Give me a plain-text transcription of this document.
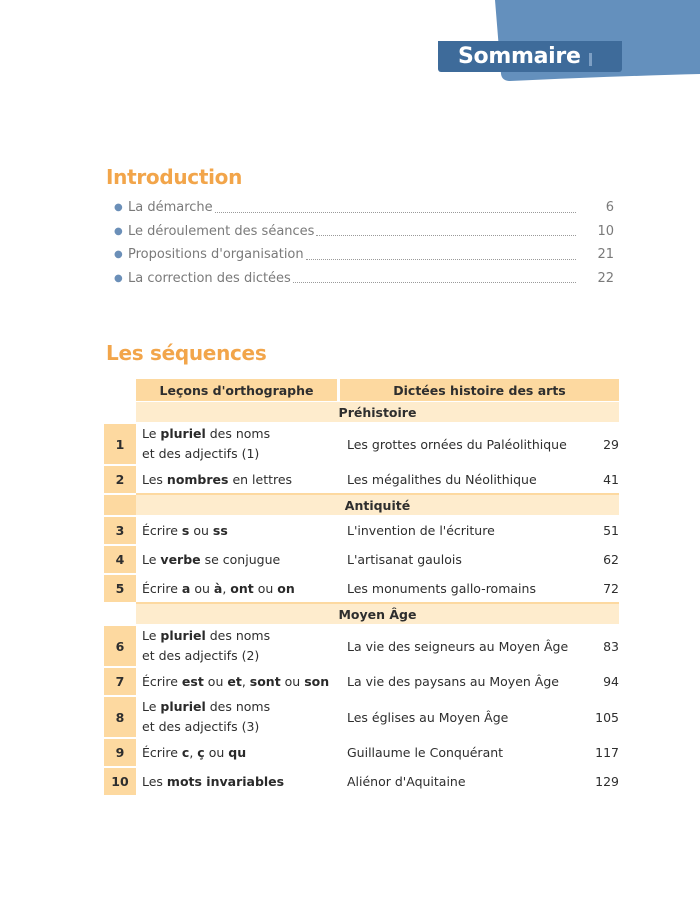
Sommaire
Introduction
● La démarche	6
● Le déroulement des séances	10
● Propositions d'organisation	21
● La correction des dictées	22
Les séquences
	Leçons d'orthographe	Dictées histoire des arts	
	Préhistoire		
1	Le pluriel des noms
et des adjectifs (1)	Les grottes ornées du Paléolithique	29
2	Les nombres en lettres	Les mégalithes du Néolithique	41
	Antiquité		
3	Écrire s ou ss	L'invention de l'écriture	51
4	Le verbe se conjugue	L'artisanat gaulois	62
5	Écrire a ou à, ont ou on	Les monuments gallo-romains	72
	Moyen Âge		
6	Le pluriel des noms
et des adjectifs (2)	La vie des seigneurs au Moyen Âge	83
7	Écrire est ou et, sont ou son	La vie des paysans au Moyen Âge	94
8	Le pluriel des noms
et des adjectifs (3)	Les églises au Moyen Âge	105
9	Écrire c, ç ou qu	Guillaume le Conquérant	117
10	Les mots invariables	Aliénor d'Aquitaine	129
